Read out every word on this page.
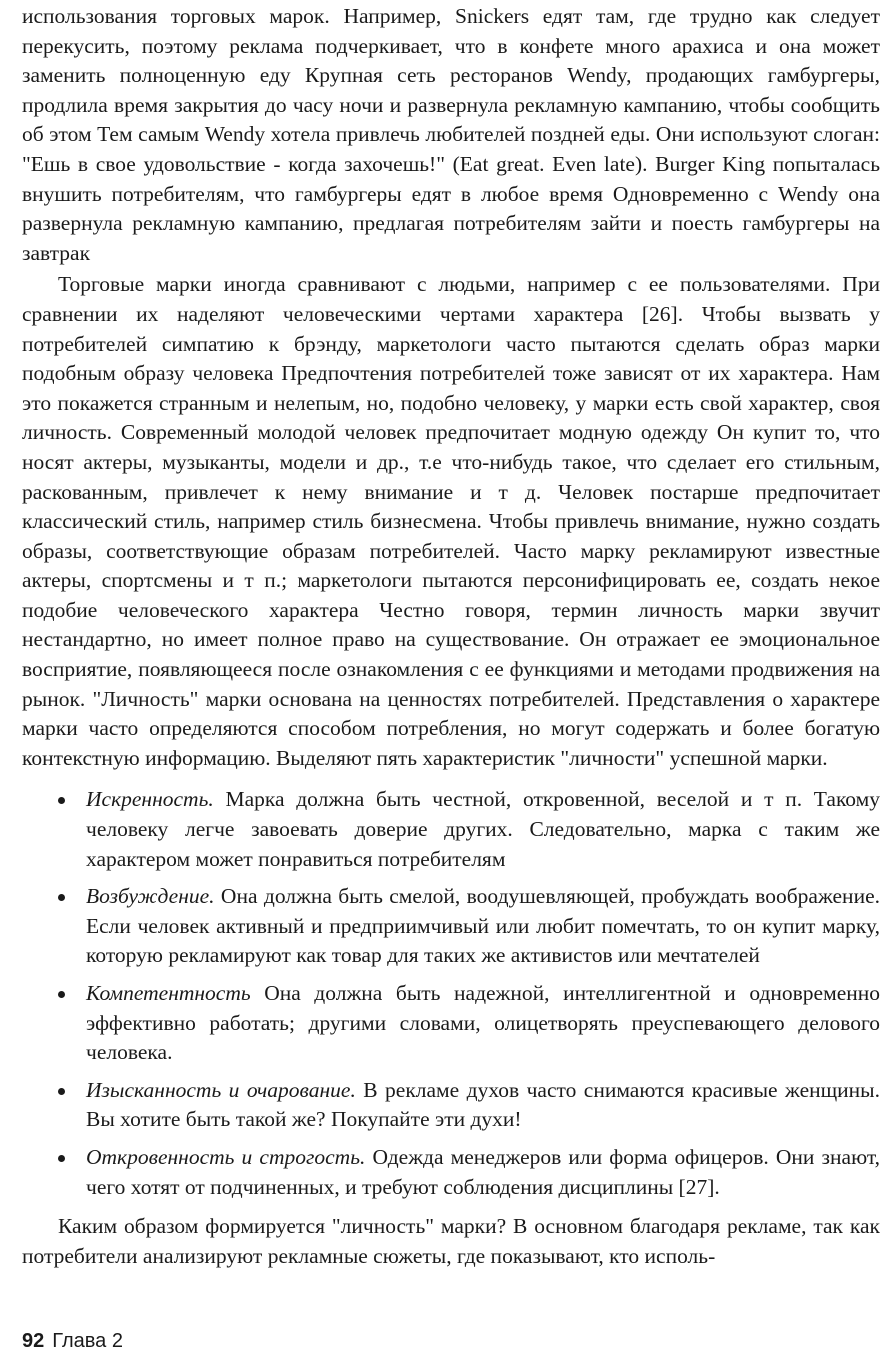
использования торговых марок. Например, Snickers едят там, где трудно как следует перекусить, поэтому реклама подчеркивает, что в конфете много арахиса и она может заменить полноценную еду Крупная сеть ресторанов Wendy, продающих гамбургеры, продлила время закрытия до часу ночи и развернула рекламную кампанию, чтобы сообщить об этом Тем самым Wendy хотела привлечь любителей поздней еды. Они используют слоган: "Ешь в свое удовольствие - когда захочешь!" (Eat great. Even late). Burger King попыталась внушить потребителям, что гамбургеры едят в любое время Одновременно с Wendy она развернула рекламную кампанию, предлагая потребителям зайти и поесть гамбургеры на завтрак

Торговые марки иногда сравнивают с людьми, например с ее пользователями. При сравнении их наделяют человеческими чертами характера [26]. Чтобы вызвать у потребителей симпатию к брэнду, маркетологи часто пытаются сделать образ марки подобным образу человека Предпочтения потребителей тоже зависят от их характера. Нам это покажется странным и нелепым, но, подобно человеку, у марки есть свой характер, своя личность. Современный молодой человек предпочитает модную одежду Он купит то, что носят актеры, музыканты, модели и др., т.е что-нибудь такое, что сделает его стильным, раскованным, привлечет к нему внимание и т д. Человек постарше предпочитает классический стиль, например стиль бизнесмена. Чтобы привлечь внимание, нужно создать образы, соответствующие образам потребителей. Часто марку рекламируют известные актеры, спортсмены и т п.; маркетологи пытаются персонифицировать ее, создать некое подобие человеческого характера Честно говоря, термин личность марки звучит нестандартно, но имеет полное право на существование. Он отражает ее эмоциональное восприятие, появляющееся после ознакомления с ее функциями и методами продвижения на рынок. "Личность" марки основана на ценностях потребителей. Представления о характере марки часто определяются способом потребления, но могут содержать и более богатую контекстную информацию. Выделяют пять характеристик "личности" успешной марки.

Искренность. Марка должна быть честной, откровенной, веселой и т п. Такому человеку легче завоевать доверие других. Следовательно, марка с таким же характером может понравиться потребителям
Возбуждение. Она должна быть смелой, воодушевляющей, пробуждать воображение. Если человек активный и предприимчивый или любит помечтать, то он купит марку, которую рекламируют как товар для таких же активистов или мечтателей
Компетентность Она должна быть надежной, интеллигентной и одновременно эффективно работать; другими словами, олицетворять преуспевающего делового человека.
Изысканность и очарование. В рекламе духов часто снимаются красивые женщины. Вы хотите быть такой же? Покупайте эти духи!
Откровенность и строгость. Одежда менеджеров или форма офицеров. Они знают, чего хотят от подчиненных, и требуют соблюдения дисциплины [27].

Каким образом формируется "личность" марки? В основном благодаря рекламе, так как потребители анализируют рекламные сюжеты, где показывают, кто исполь-

92 Глава 2
